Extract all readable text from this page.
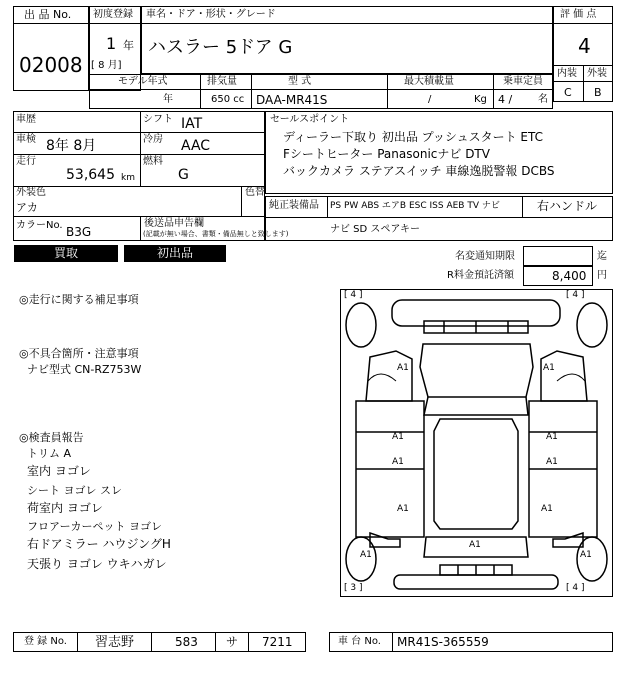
出 品 No.
02008
初度登録
1 年
[ 8 月]
車名・ドア・形状・グレード
ハスラー 5ドア G
評 価 点
4
内装 外装
C B
モデル年式
年
排気量
650 cc
型 式
DAA-MR41S
最大積載量
/	Kg
乗車定員
4 /	名
車歴	シフト IAT
車検 8年 8月	冷房 AAC
走行
53,645 km
燃料
G
外装色
アカ
色替
カラーNo. B3G
後送品申告欄
(記載が無い場合、書類・備品無しと致します)
セールスポイント
ディーラー下取り 初出品 プッシュスタート ETC
Fシートヒーター Panasonicナビ DTV
バックカメラ ステアスイッチ 車線逸脱警報 DCBS
純正装備品 PS PW ABS エアB ESC ISS AEB TV ナビ	右ハンドル
ナビ SD スペアキー
買取	初出品	名変通知期限	迄
R料金預託済額	8,400 円
◎走行に関する補足事項
◎不具合箇所・注意事項
ナビ型式 CN-RZ753W
◎検査員報告
トリム A
室内 ヨゴレ
シート ヨゴレ スレ
荷室内 ヨゴレ
フロアーカーペット ヨゴレ
右ドアミラー ハウジングH
天張り ヨゴレ ウキハガレ
[ 4 ]	[ 4 ]
[ 3 ]	[ 4 ]
A1	A1
A1	A1
A1	A1
A1	A1
A1
A1	A1
登 録 No. 習志野	583 サ 7211	車 台 No. MR41S-365559
